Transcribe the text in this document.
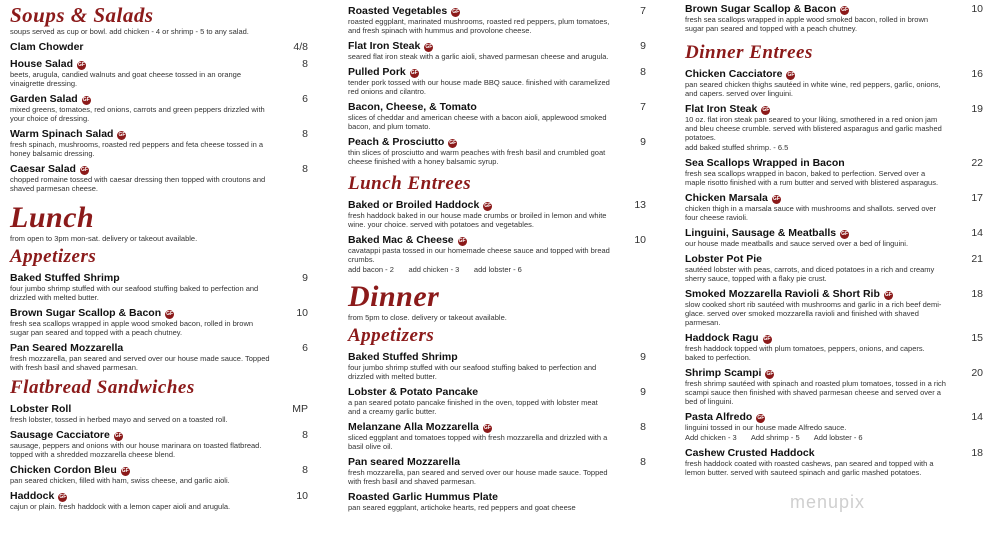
Soups & Salads
soups served as cup or bowl. add chicken - 4 or shrimp - 5 to any salad.
Clam Chowder	4/8
House Salad GF
beets, arugula, candied walnuts and goat cheese tossed in an orange vinaigrette dressing.
8
Garden Salad GF
mixed greens, tomatoes, red onions, carrots and green peppers drizzled with your choice of dressing.
6
Warm Spinach Salad GF
fresh spinach, mushrooms, roasted red peppers and feta cheese tossed in a honey balsamic dressing.
8
Caesar Salad GF
chopped romaine tossed with caesar dressing then topped with croutons and shaved parmesan cheese.
8
Lunch
from open to 3pm mon-sat. delivery or takeout available.
Appetizers
Baked Stuffed Shrimp
four jumbo shrimp stuffed with our seafood stuffing baked to perfection and drizzled with melted butter.
9
Brown Sugar Scallop & Bacon GF
fresh sea scallops wrapped in apple wood smoked bacon, rolled in brown sugar pan seared and topped with a peach chutney.
10
Pan Seared Mozzarella
fresh mozzarella, pan seared and served over our house made sauce. Topped with fresh basil and shaved parmesan.
6
Flatbread Sandwiches
Lobster Roll
fresh lobster, tossed in herbed mayo and served on a toasted roll.
MP
Sausage Cacciatore GF
sausage, peppers and onions with our house marinara on toasted flatbread. topped with a shredded mozzarella cheese blend.
8
Chicken Cordon Bleu GF
pan seared chicken, filled with ham, swiss cheese, and garlic aioli.
8
Haddock GF
cajun or plain. fresh haddock with a lemon caper aioli and arugula.
10
Roasted Vegetables GF
roasted eggplant, marinated mushrooms, roasted red peppers, plum tomatoes, and fresh spinach with hummus and provolone cheese.
7
Flat Iron Steak GF
seared flat iron steak with a garlic aioli, shaved parmesan cheese and arugula.
9
Pulled Pork GF
tender pork tossed with our house made BBQ sauce. finished with caramelized red onions and cilantro.
8
Bacon, Cheese, & Tomato
slices of cheddar and american cheese with a bacon aioli, applewood smoked bacon, and plum tomato.
7
Peach & Prosciutto GF
thin slices of prosciutto and warm peaches with fresh basil and crumbled goat cheese finished with a honey balsamic syrup.
9
Lunch Entrees
Baked or Broiled Haddock GF
fresh haddock baked in our house made crumbs or broiled in lemon and white wine. your choice. served with potatoes and vegetables.
13
Baked Mac & Cheese GF
cavatappi pasta tossed in our homemade cheese sauce and topped with bread crumbs.
add bacon - 2       add chicken - 3       add lobster - 6
10
Dinner
from 5pm to close. delivery or takeout available.
Appetizers
Baked Stuffed Shrimp
four jumbo shrimp stuffed with our seafood stuffing baked to perfection and drizzled with melted butter.
9
Lobster & Potato Pancake
a pan seared potato pancake finished in the oven, topped with lobster meat and a creamy garlic butter.
9
Melanzane Alla Mozzarella GF
sliced eggplant and tomatoes topped with fresh mozzarella and drizzled with a basil olive oil.
8
Pan seared Mozzarella
fresh mozzarella, pan seared and served over our house made sauce. Topped with fresh basil and shaved parmesan.
8
Roasted Garlic Hummus Plate
pan seared eggplant, artichoke hearts, red peppers and goat cheese
Brown Sugar Scallop & Bacon GF
fresh sea scallops wrapped in apple wood smoked bacon, rolled in brown sugar pan seared and topped with a peach chutney.
10
Dinner Entrees
Chicken Cacciatore GF
pan seared chicken thighs sautéed in white wine, red peppers, garlic, onions, and capers. served over linguini.
16
Flat Iron Steak GF
10 oz. flat iron steak pan seared to your liking, smothered in a red onion jam and bleu cheese crumble. served with blistered asparagus and garlic mashed potatoes.
add baked stuffed shrimp. - 6.5
19
Sea Scallops Wrapped in Bacon
fresh sea scallops wrapped in bacon, baked to perfection. Served over a maple risotto finished with a rum butter and served with blistered asparagus.
22
Chicken Marsala GF
chicken thigh in a marsala sauce with mushrooms and shallots. served over four cheese ravioli.
17
Linguini, Sausage & Meatballs GF
our house made meatballs and sauce served over a bed of linguini.
14
Lobster Pot Pie
sautéed lobster with peas, carrots, and diced potatoes in a rich and creamy sherry sauce, topped with a flaky pie crust.
21
Smoked Mozzarella Ravioli & Short Rib GF
slow cooked short rib sautéed with mushrooms and garlic in a rich beef demi-glace. served over smoked mozzarella ravioli and finished with shaved parmesan.
18
Haddock Ragu GF
fresh haddock topped with plum tomatoes, peppers, onions, and capers. baked to perfection.
15
Shrimp Scampi GF
fresh shrimp sautéed with spinach and roasted plum tomatoes, tossed in a rich scampi sauce then finished with shaved parmesan cheese and served over a bed of linguini.
20
Pasta Alfredo GF
linguini tossed in our house made Alfredo sauce.
Add chicken - 3       Add shrimp - 5       Add lobster - 6
14
Cashew Crusted Haddock
fresh haddock coated with roasted cashews, pan seared and topped with a lemon butter. served with sauteed spinach and garlic mashed potatoes.
18
menupix
